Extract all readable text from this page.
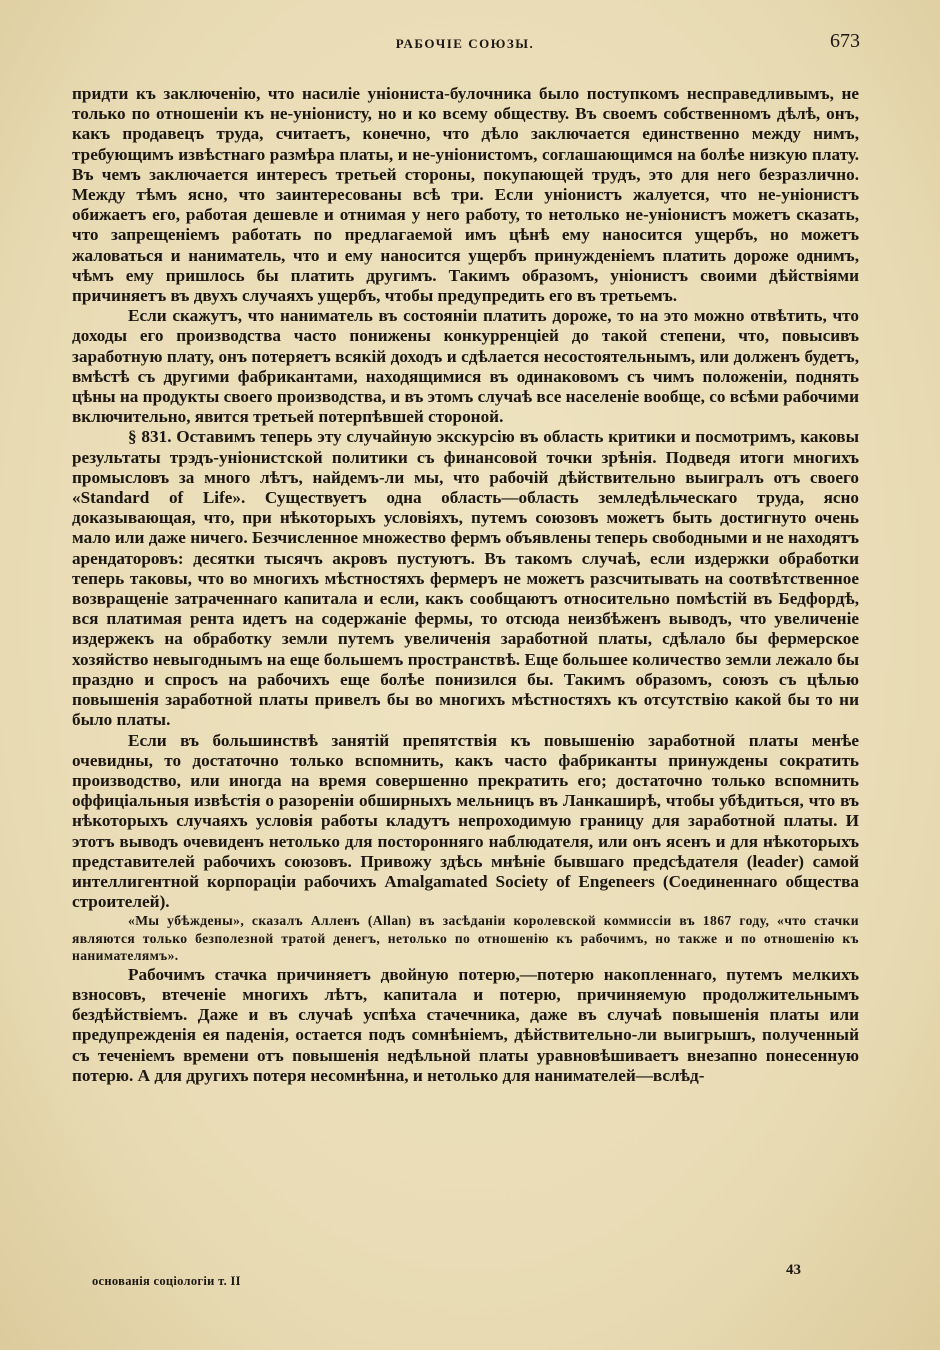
РАБОЧІЕ СОЮЗЫ.	673

придти къ заключенію, что насиліе уніониста-булочника было поступкомъ несправедливымъ, не только по отношеніи къ не-уніонисту, но и ко всему обществу. Въ своемъ собственномъ дѣлѣ, онъ, какъ продавецъ труда, считаетъ, конечно, что дѣло заключается единственно между нимъ, требующимъ извѣстнаго размѣра платы, и не-уніонистомъ, соглашающимся на болѣе низкую плату. Въ чемъ заключается интересъ третьей стороны, покупающей трудъ, это для него безразлично. Между тѣмъ ясно, что заинтересованы всѣ три. Если уніонистъ жалуется, что не-уніонистъ обижаетъ его, работая дешевле и отнимая у него работу, то нетолько не-уніонистъ можетъ сказать, что запрещеніемъ работать по предлагаемой имъ цѣнѣ ему наносится ущербъ, но можетъ жаловаться и наниматель, что и ему наносится ущербъ принужденіемъ платить дороже однимъ, чѣмъ ему пришлось бы платить другимъ. Такимъ образомъ, уніонистъ своими дѣйствіями причиняетъ въ двухъ случаяхъ ущербъ, чтобы предупредить его въ третьемъ.

Если скажутъ, что наниматель въ состояніи платить дороже, то на это можно отвѣтить, что доходы его производства часто понижены конкурренціей до такой степени, что, повысивъ заработную плату, онъ потеряетъ всякій доходъ и сдѣлается несостоятельнымъ, или долженъ будетъ, вмѣстѣ съ другими фабрикантами, находящимися въ одинаковомъ съ чимъ положеніи, поднять цѣны на продукты своего производства, и въ этомъ случаѣ все населеніе вообще, со всѣми рабочими включительно, явится третьей потерпѣвшей стороной.

§ 831. Оставимъ теперь эту случайную экскурсію въ область критики и посмотримъ, каковы результаты трэдъ-уніонистской политики съ финансовой точки зрѣнія. Подведя итоги многихъ промысловъ за много лѣтъ, найдемъ-ли мы, что рабочій дѣйствительно выигралъ отъ своего «Standard of Life». Существуетъ одна область—область земледѣльческаго труда, ясно доказывающая, что, при нѣкоторыхъ условіяхъ, путемъ союзовъ можетъ быть достигнуто очень мало или даже ничего. Безчисленное множество фермъ объявлены теперь свободными и не находятъ арендаторовъ: десятки тысячъ акровъ пустуютъ. Въ такомъ случаѣ, если издержки обработки теперь таковы, что во многихъ мѣстностяхъ фермеръ не можетъ разсчитывать на соотвѣтственное возвращеніе затраченнаго капитала и если, какъ сообщаютъ относительно помѣстій въ Бедфордѣ, вся платимая рента идетъ на содержаніе фермы, то отсюда неизбѣженъ выводъ, что увеличеніе издержекъ на обработку земли путемъ увеличенія заработной платы, сдѣлало бы фермерское хозяйство невыгоднымъ на еще большемъ пространствѣ. Еще большее количество земли лежало бы праздно и спросъ на рабочихъ еще болѣе понизился бы. Такимъ образомъ, союзъ съ цѣлью повышенія заработной платы привелъ бы во многихъ мѣстностяхъ къ отсутствію какой бы то ни было платы.

Если въ большинствѣ занятій препятствія къ повышенію заработной платы менѣе очевидны, то достаточно только вспомнить, какъ часто фабриканты принуждены сократить производство, или иногда на время совершенно прекратить его; достаточно только вспомнить оффиціальныя извѣстія о разореніи обширныхъ мельницъ въ Ланкаширѣ, чтобы убѣдиться, что въ нѣкоторыхъ случаяхъ условія работы кладутъ непроходимую границу для заработной платы. И этотъ выводъ очевиденъ нетолько для посторонняго наблюдателя, или онъ ясенъ и для нѣкоторыхъ представителей рабочихъ союзовъ. Привожу здѣсь мнѣніе бывшаго предсѣдателя (leader) самой интеллигентной корпораціи рабочихъ Amalgamated Society of Engeneers (Соединеннаго общества строителей).

«Мы убѣждены», сказалъ Алленъ (Allan) въ засѣданіи королевской коммиссіи въ 1867 году, «что стачки являются только безполезной тратой денегъ, нетолько по отношенію къ рабочимъ, но также и по отношенію къ нанимателямъ».

Рабочимъ стачка причиняетъ двойную потерю,—потерю накопленнаго, путемъ мелкихъ взносовъ, втеченіе многихъ лѣтъ, капитала и потерю, причиняемую продолжительнымъ бездѣйствіемъ. Даже и въ случаѣ успѣха стачечника, даже въ случаѣ повышенія платы или предупрежденія ея паденія, остается подъ сомнѣніемъ, дѣйствительно-ли выигрышъ, полученный съ теченіемъ времени отъ повышенія недѣльной платы уравновѣшиваетъ внезапно понесенную потерю. А для другихъ потеря несомнѣнна, и нетолько для нанимателей—вслѣд-

основанія соціологіи т. II
43
